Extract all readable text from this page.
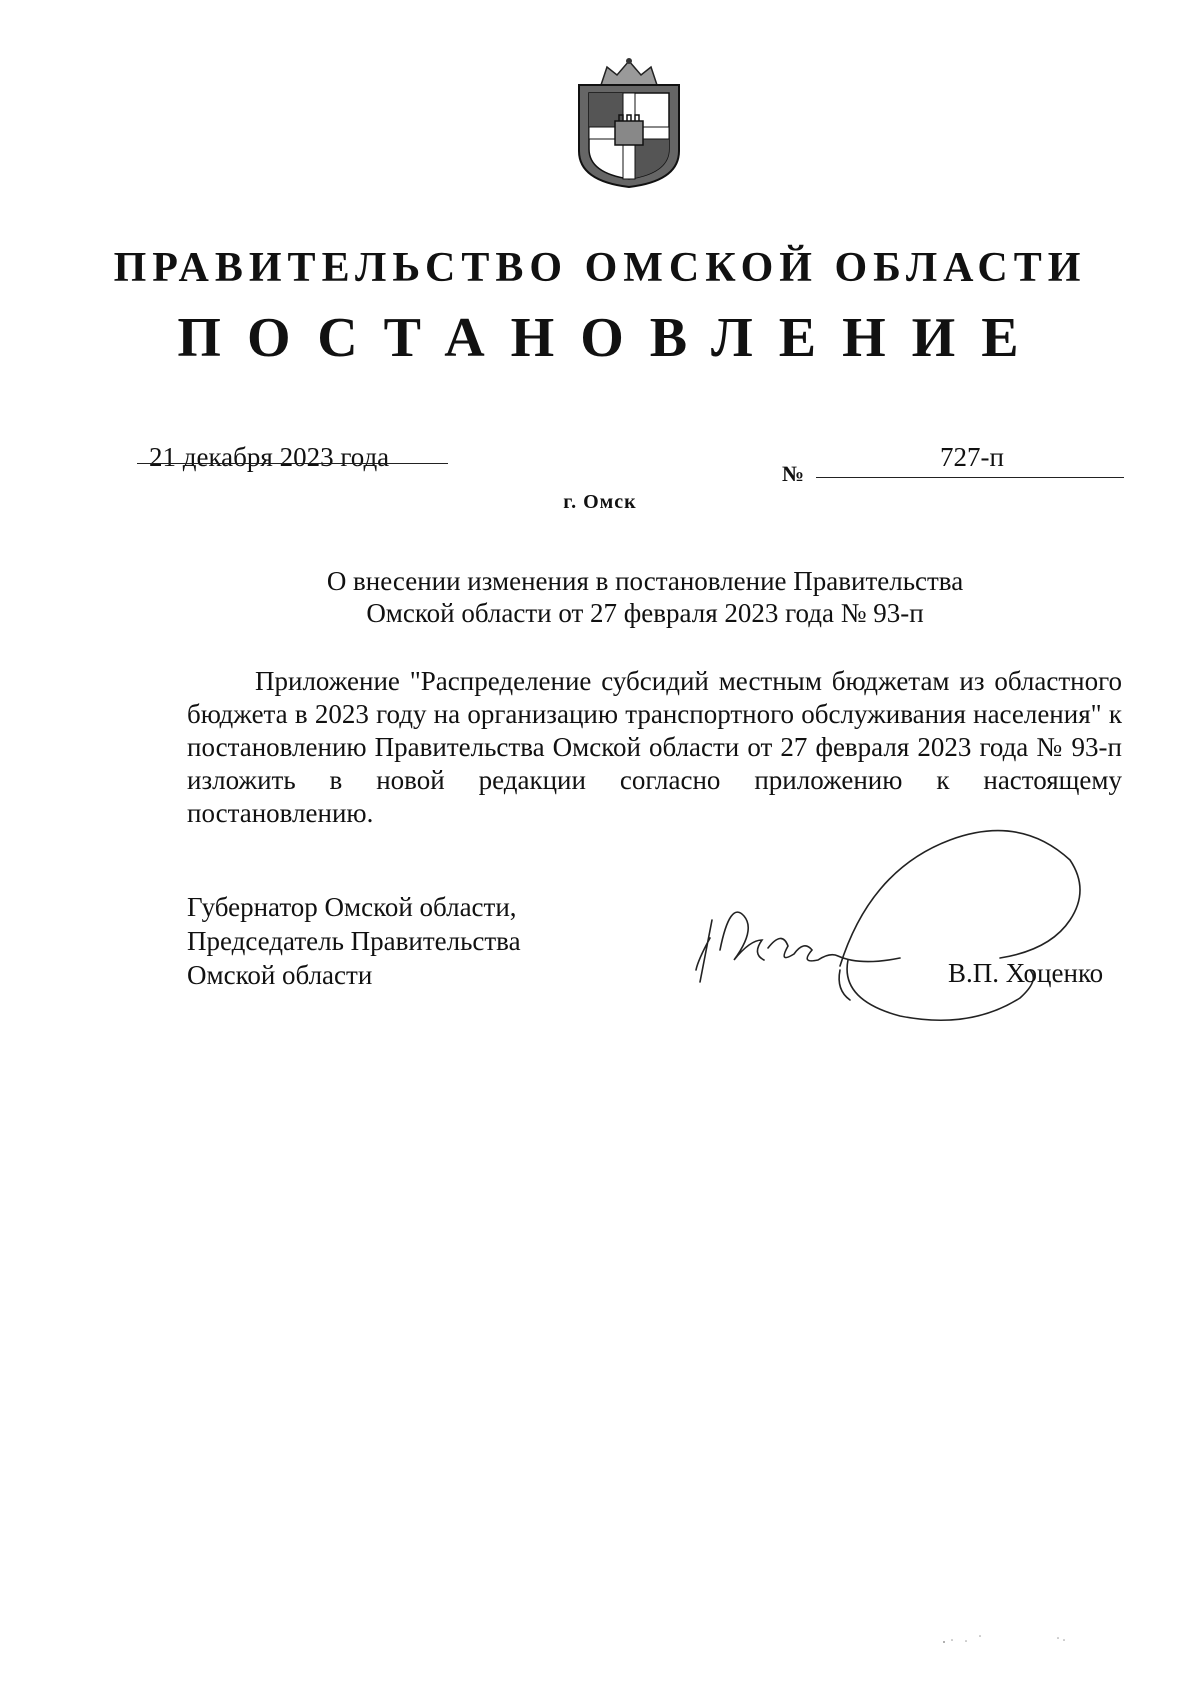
ПРАВИТЕЛЬСТВО ОМСКОЙ ОБЛАСТИ
ПОСТАНОВЛЕНИЕ
21 декабря 2023 года
№
727-п
г. Омск
О внесении изменения в постановление Правительства
Омской области от 27 февраля 2023 года № 93-п
Приложение "Распределение субсидий местным бюджетам из областного бюджета в 2023 году на организацию транспортного обслуживания населения" к постановлению Правительства Омской области от 27 февраля 2023 года № 93-п изложить в новой редакции согласно приложению к настоящему постановлению.
Губернатор Омской области,
Председатель Правительства
Омской области	В.П. Хоценко
